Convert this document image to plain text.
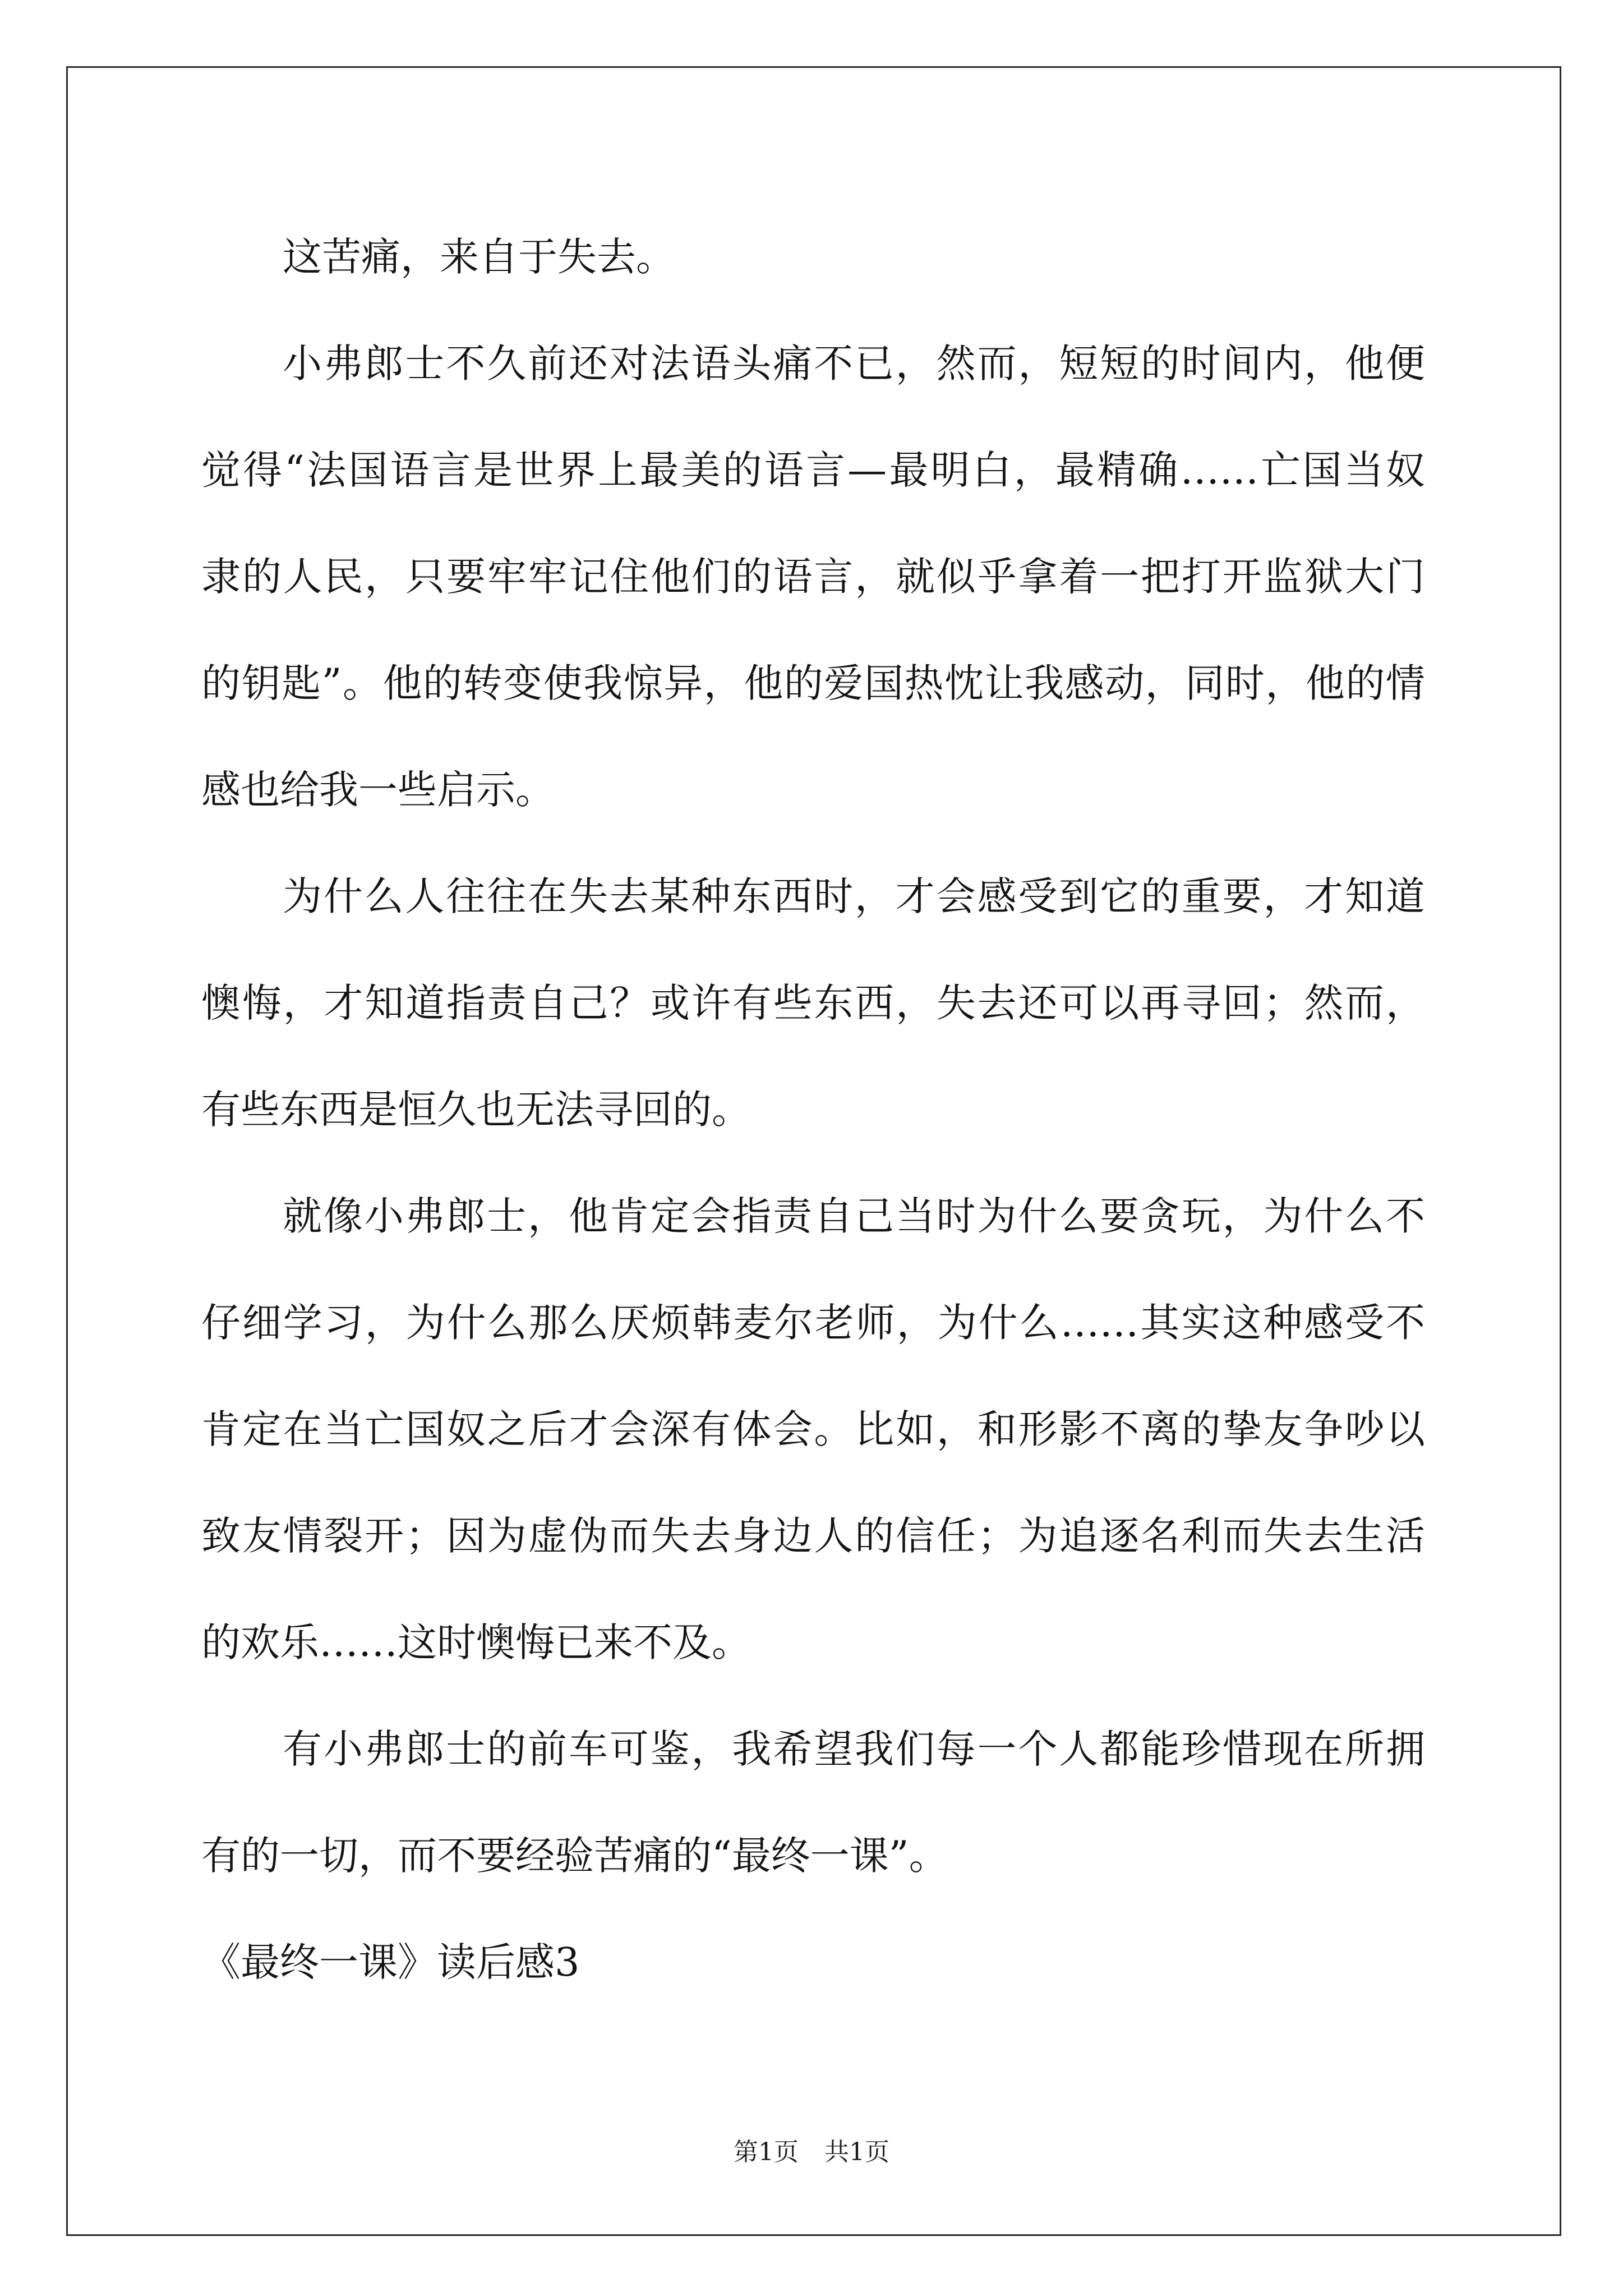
这苦痛，来自于失去。
小弗郎士不久前还对法语头痛不已，然而，短短的时间内，他便
觉得“法国语言是世界上最美的语言—最明白，最精确……亡国当奴
隶的人民，只要牢牢记住他们的语言，就似乎拿着一把打开监狱大门
的钥匙”。他的转变使我惊异，他的爱国热忱让我感动，同时，他的情
感也给我一些启示。
为什么人往往在失去某种东西时，才会感受到它的重要，才知道
懊悔，才知道指责自己？或许有些东西，失去还可以再寻回；然而，
有些东西是恒久也无法寻回的。
就像小弗郎士，他肯定会指责自己当时为什么要贪玩，为什么不
仔细学习，为什么那么厌烦韩麦尔老师，为什么……其实这种感受不
肯定在当亡国奴之后才会深有体会。比如，和形影不离的挚友争吵以
致友情裂开；因为虚伪而失去身边人的信任；为追逐名利而失去生活
的欢乐……这时懊悔已来不及。
有小弗郎士的前车可鉴，我希望我们每一个人都能珍惜现在所拥
有的一切，而不要经验苦痛的“最终一课”。
《最终一课》读后感3
第1页 共1页
